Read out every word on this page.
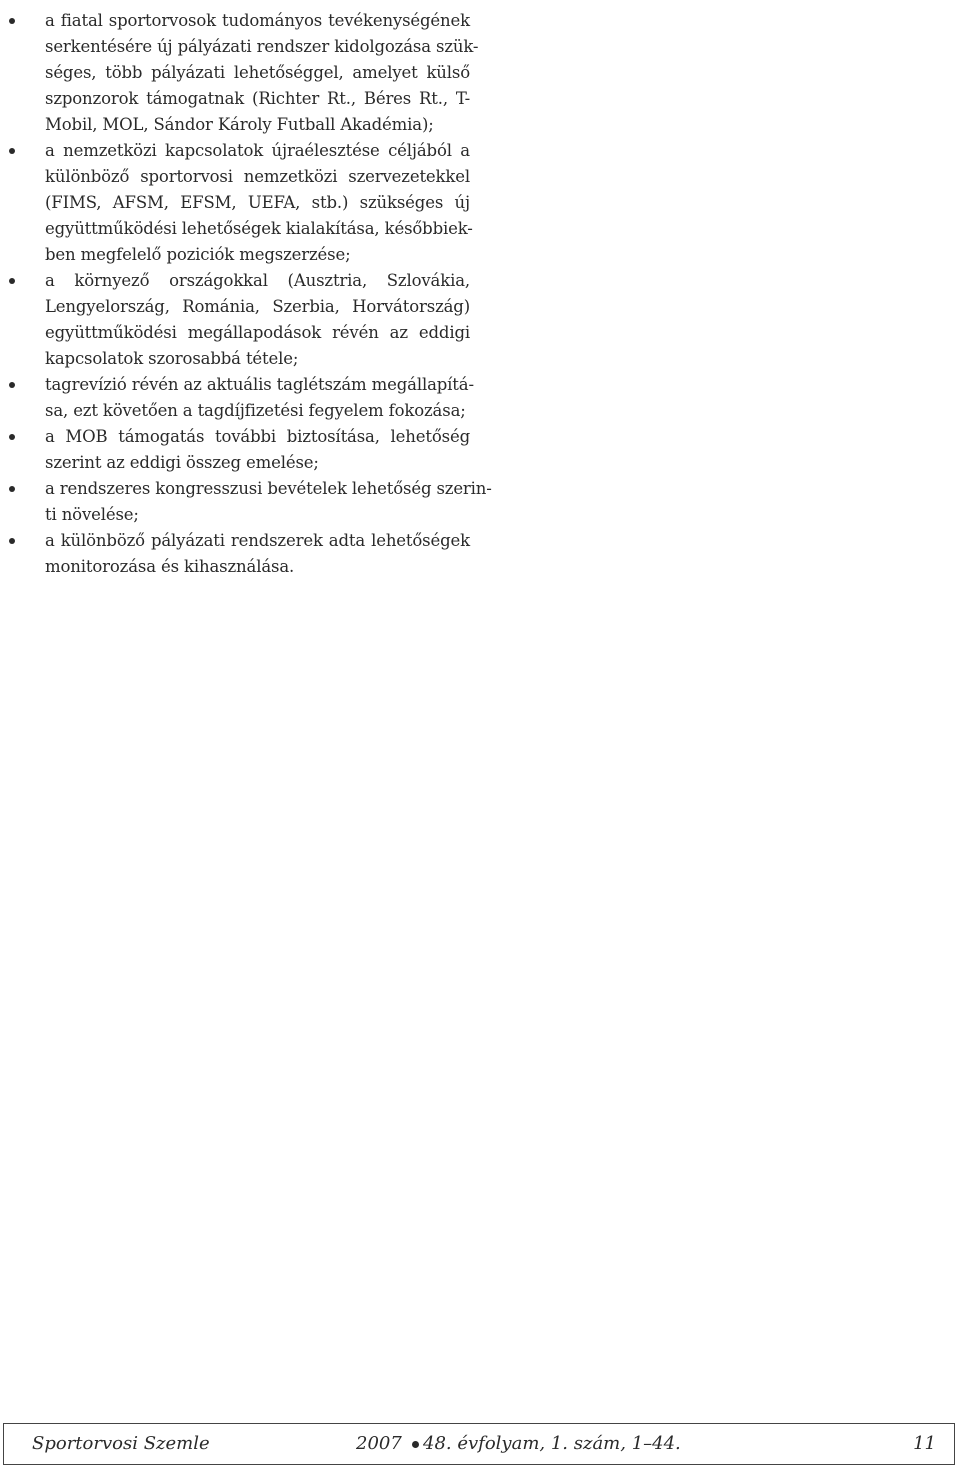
a fiatal sportorvosok tudományos tevékenységének
serkentésére új pályázati rendszer kidolgozása szük-
séges, több pályázati lehetőséggel, amelyet külső
szponzorok támogatnak (Richter Rt., Béres Rt., T-
Mobil, MOL, Sándor Károly Futball Akadémia);
a nemzetközi kapcsolatok újraélesztése céljából a
különböző sportorvosi nemzetközi szervezetekkel
(FIMS, AFSM, EFSM, UEFA, stb.) szükséges új
együttműködési lehetőségek kialakítása, későbbiek-
ben megfelelő poziciók megszerzése;
a környező országokkal (Ausztria, Szlovákia,
Lengyelország, Románia, Szerbia, Horvátország)
együttműködési megállapodások révén az eddigi
kapcsolatok szorosabbá tétele;
tagrevízió révén az aktuális taglétszám megállapítá-
sa, ezt követően a tagdíjfizetési fegyelem fokozása;
a MOB támogatás további biztosítása, lehetőség
szerint az eddigi összeg emelése;
a rendszeres kongresszusi bevételek lehetőség szerin-
ti növelése;
a különböző pályázati rendszerek adta lehetőségek
monitorozása és kihasználása.
Sportorvosi Szemle	2007 48. évfolyam, 1. szám, 1–44.	11
